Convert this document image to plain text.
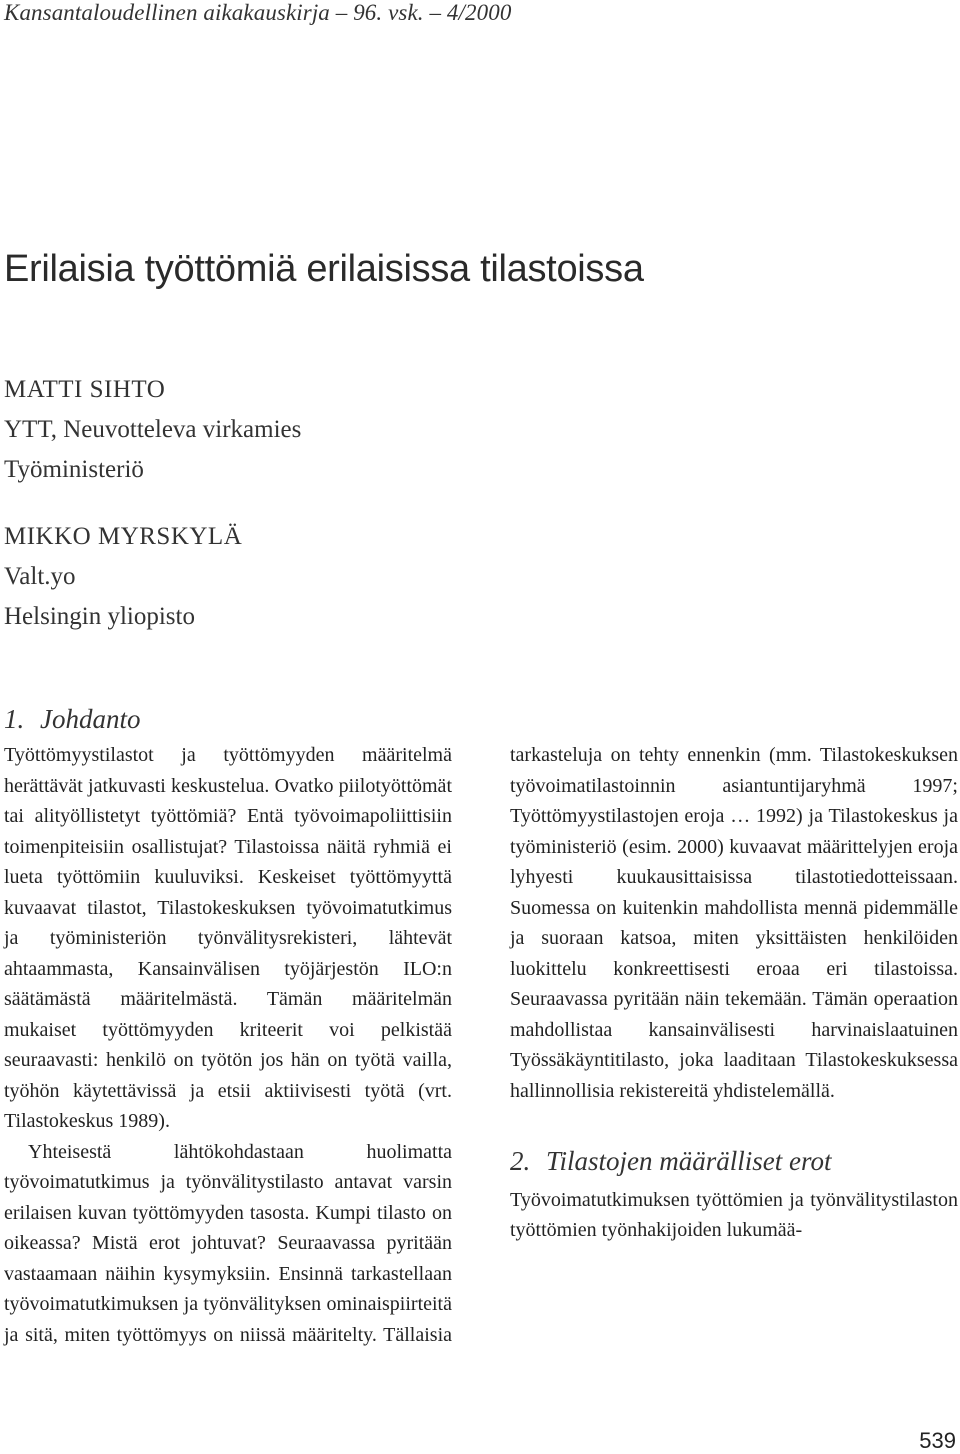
Kansantaloudellinen aikakauskirja – 96. vsk. – 4/2000
Erilaisia työttömiä erilaisissa tilastoissa
MATTI SIHTO
YTT, Neuvotteleva virkamies
Työministeriö
MIKKO MYRSKYLÄ
Valt.yo
Helsingin yliopisto
1. Johdanto

Työttömyystilastot ja työttömyyden määritelmä herättävät jatkuvasti keskustelua. Ovatko piilotyöttömät tai alityöllistetyt työttömiä? Entä työvoimapoliittisiin toimenpiteisiin osallistujat? Tilastoissa näitä ryhmiä ei lueta työttömiin kuuluviksi. Keskeiset työttömyyttä kuvaavat tilastot, Tilastokeskuksen työvoimatutkimus ja työministeriön työnvälitysrekisteri, lähtevät ahtaammasta, Kansainvälisen työjärjestön ILO:n säätämästä määritelmästä. Tämän määritelmän mukaiset työttömyyden kriteerit voi pelkistää seuraavasti: henkilö on työtön jos hän on työtä vailla, työhön käytettävissä ja etsii aktiivisesti työtä (vrt. Tilastokeskus 1989).

Yhteisestä lähtökohdastaan huolimatta työvoimatutkimus ja työnvälitystilasto antavat varsin erilaisen kuvan työttömyyden tasosta. Kumpi tilasto on oikeassa? Mistä erot johtuvat? Seuraavassa pyritään vastaamaan näihin kysymyksiin. Ensinnä tarkastellaan työvoimatutkimuksen ja työnvälityksen ominaispiirteitä ja sitä, miten työttömyys on niissä määritelty. Tällaisia tarkasteluja on tehty ennenkin (mm. Tilastokeskuksen työvoimatilastoinnin asiantuntijaryhmä 1997; Työttömyystilastojen eroja … 1992) ja Tilastokeskus ja työministeriö (esim. 2000) kuvaavat määrittelyjen eroja lyhyesti kuukausittaisissa tilastotiedotteissaan. Suomessa on kuitenkin mahdollista mennä pidemmälle ja suoraan katsoa, miten yksittäisten henkilöiden luokittelu konkreettisesti eroaa eri tilastoissa. Seuraavassa pyritään näin tekemään. Tämän operaation mahdollistaa kansainvälisesti harvinaislaatuinen Työssäkäyntitilasto, joka laaditaan Tilastokeskuksessa hallinnollisia rekistereitä yhdistelemällä.

2. Tilastojen määrälliset erot

Työvoimatutkimuksen työttömien ja työnvälitystilaston työttömien työnhakijoiden lukumää-

539
